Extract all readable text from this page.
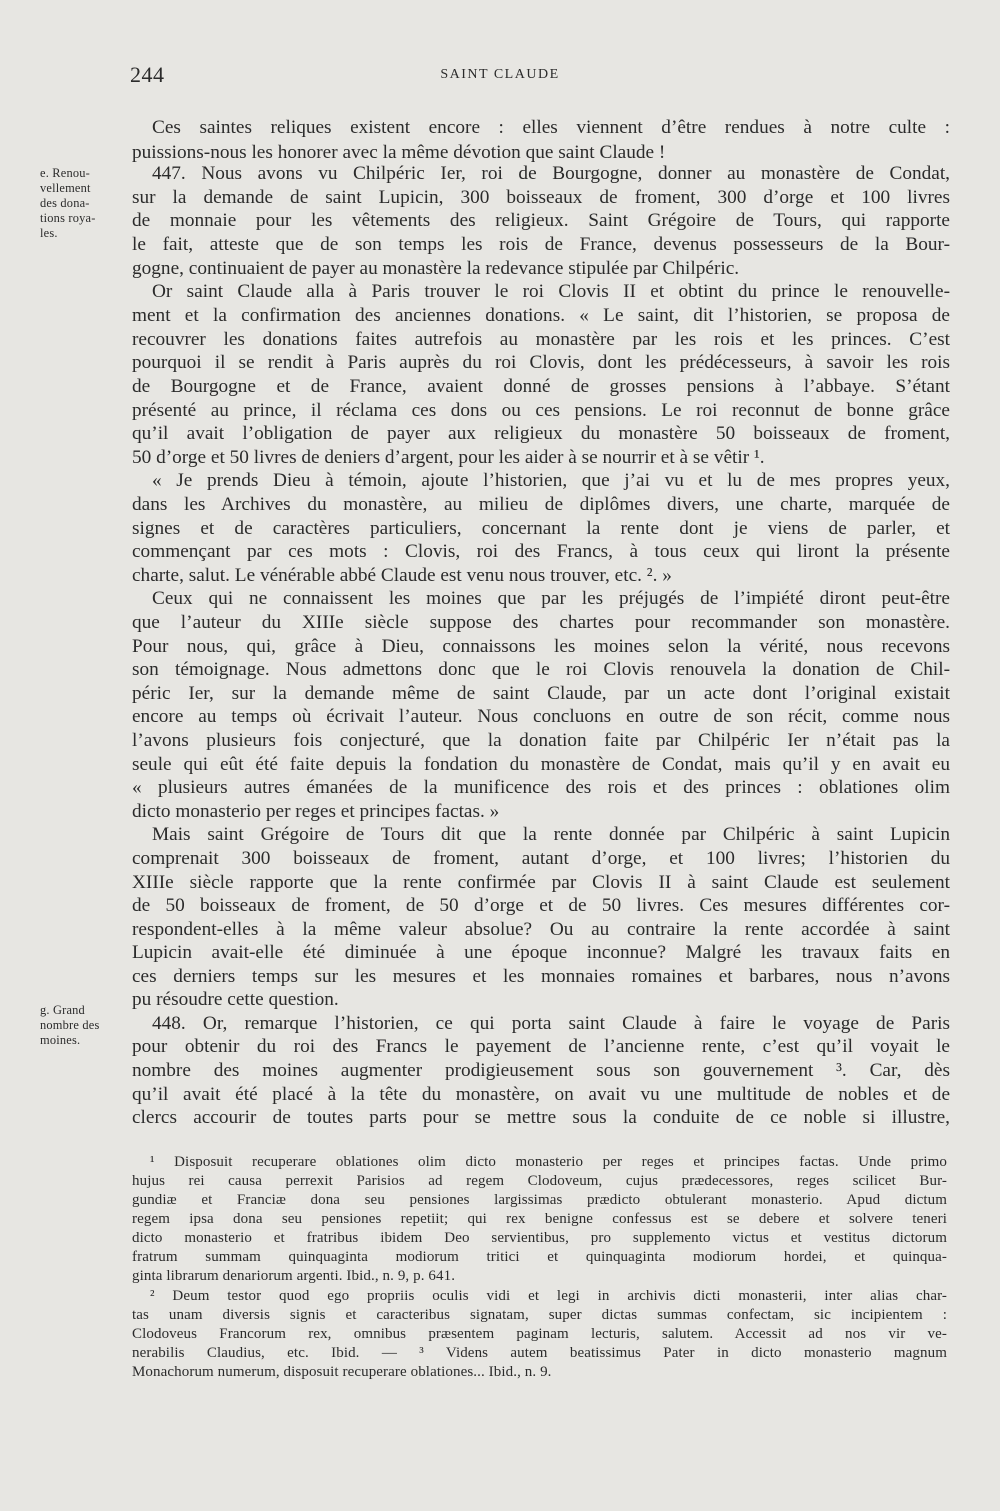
244	SAINT CLAUDE
e. Renou-
vellement
des dona-
tions roya-
les.
g. Grand
nombre des
moines.
Ces saintes reliques existent encore : elles viennent d’être rendues à notre culte :
puissions-nous les honorer avec la même dévotion que saint Claude !
447. Nous avons vu Chilpéric Ier, roi de Bourgogne, donner au monastère de Condat,
sur la demande de saint Lupicin, 300 boisseaux de froment, 300 d’orge et 100 livres
de monnaie pour les vêtements des religieux. Saint Grégoire de Tours, qui rapporte
le fait, atteste que de son temps les rois de France, devenus possesseurs de la Bour-
gogne, continuaient de payer au monastère la redevance stipulée par Chilpéric.
Or saint Claude alla à Paris trouver le roi Clovis II et obtint du prince le renouvelle-
ment et la confirmation des anciennes donations. « Le saint, dit l’historien, se proposa de
recouvrer les donations faites autrefois au monastère par les rois et les princes. C’est
pourquoi il se rendit à Paris auprès du roi Clovis, dont les prédécesseurs, à savoir les rois
de Bourgogne et de France, avaient donné de grosses pensions à l’abbaye. S’étant
présenté au prince, il réclama ces dons ou ces pensions. Le roi reconnut de bonne grâce
qu’il avait l’obligation de payer aux religieux du monastère 50 boisseaux de froment,
50 d’orge et 50 livres de deniers d’argent, pour les aider à se nourrir et à se vêtir ¹.
« Je prends Dieu à témoin, ajoute l’historien, que j’ai vu et lu de mes propres yeux,
dans les Archives du monastère, au milieu de diplômes divers, une charte, marquée de
signes et de caractères particuliers, concernant la rente dont je viens de parler, et
commençant par ces mots : Clovis, roi des Francs, à tous ceux qui liront la présente
charte, salut. Le vénérable abbé Claude est venu nous trouver, etc. ². »
Ceux qui ne connaissent les moines que par les préjugés de l’impiété diront peut-être
que l’auteur du XIIIe siècle suppose des chartes pour recommander son monastère.
Pour nous, qui, grâce à Dieu, connaissons les moines selon la vérité, nous recevons
son témoignage. Nous admettons donc que le roi Clovis renouvela la donation de Chil-
péric Ier, sur la demande même de saint Claude, par un acte dont l’original existait
encore au temps où écrivait l’auteur. Nous concluons en outre de son récit, comme nous
l’avons plusieurs fois conjecturé, que la donation faite par Chilpéric Ier n’était pas la
seule qui eût été faite depuis la fondation du monastère de Condat, mais qu’il y en avait eu
« plusieurs autres émanées de la munificence des rois et des princes : oblationes olim
dicto monasterio per reges et principes factas. »
Mais saint Grégoire de Tours dit que la rente donnée par Chilpéric à saint Lupicin
comprenait 300 boisseaux de froment, autant d’orge, et 100 livres; l’historien du
XIIIe siècle rapporte que la rente confirmée par Clovis II à saint Claude est seulement
de 50 boisseaux de froment, de 50 d’orge et de 50 livres. Ces mesures différentes cor-
respondent-elles à la même valeur absolue? Ou au contraire la rente accordée à saint
Lupicin avait-elle été diminuée à une époque inconnue? Malgré les travaux faits en
ces derniers temps sur les mesures et les monnaies romaines et barbares, nous n’avons
pu résoudre cette question.
448. Or, remarque l’historien, ce qui porta saint Claude à faire le voyage de Paris
pour obtenir du roi des Francs le payement de l’ancienne rente, c’est qu’il voyait le
nombre des moines augmenter prodigieusement sous son gouvernement ³. Car, dès
qu’il avait été placé à la tête du monastère, on avait vu une multitude de nobles et de
clercs accourir de toutes parts pour se mettre sous la conduite de ce noble si illustre,
¹ Disposuit recuperare oblationes olim dicto monasterio per reges et principes factas. Unde primo
hujus rei causa perrexit Parisios ad regem Clodoveum, cujus prædecessores, reges scilicet Bur-
gundiæ et Franciæ dona seu pensiones largissimas prædicto obtulerant monasterio. Apud dictum
regem ipsa dona seu pensiones repetiit; qui rex benigne confessus est se debere et solvere teneri
dicto monasterio et fratribus ibidem Deo servientibus, pro supplemento victus et vestitus dictorum
fratrum summam quinquaginta modiorum tritici et quinquaginta modiorum hordei, et quinqua-
ginta librarum denariorum argenti. Ibid., n. 9, p. 641.
² Deum testor quod ego propriis oculis vidi et legi in archivis dicti monasterii, inter alias char-
tas unam diversis signis et caracteribus signatam, super dictas summas confectam, sic incipientem :
Clodoveus Francorum rex, omnibus præsentem paginam lecturis, salutem. Accessit ad nos vir ve-
nerabilis Claudius, etc. Ibid. — ³ Videns autem beatissimus Pater in dicto monasterio magnum
Monachorum numerum, disposuit recuperare oblationes... Ibid., n. 9.
